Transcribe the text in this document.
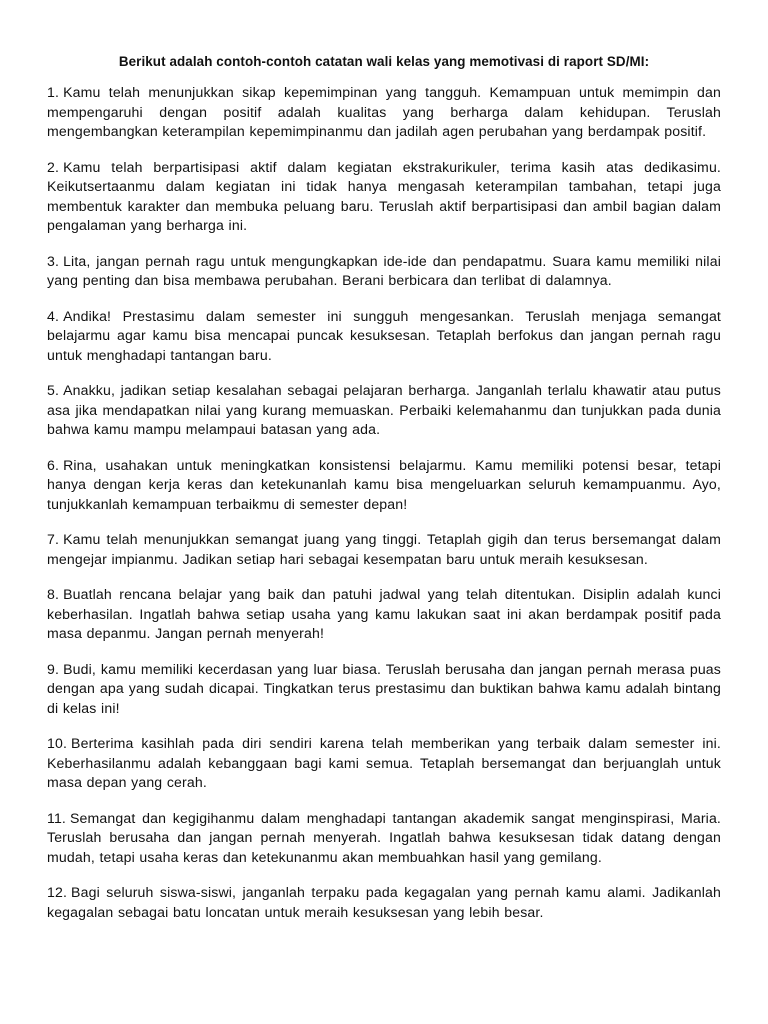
Berikut adalah contoh-contoh catatan wali kelas yang memotivasi di raport SD/MI:
1. Kamu telah menunjukkan sikap kepemimpinan yang tangguh. Kemampuan untuk memimpin dan mempengaruhi dengan positif adalah kualitas yang berharga dalam kehidupan. Teruslah mengembangkan keterampilan kepemimpinanmu dan jadilah agen perubahan yang berdampak positif.
2. Kamu telah berpartisipasi aktif dalam kegiatan ekstrakurikuler, terima kasih atas dedikasimu. Keikutsertaanmu dalam kegiatan ini tidak hanya mengasah keterampilan tambahan, tetapi juga membentuk karakter dan membuka peluang baru. Teruslah aktif berpartisipasi dan ambil bagian dalam pengalaman yang berharga ini.
3. Lita, jangan pernah ragu untuk mengungkapkan ide-ide dan pendapatmu. Suara kamu memiliki nilai yang penting dan bisa membawa perubahan. Berani berbicara dan terlibat di dalamnya.
4. Andika! Prestasimu dalam semester ini sungguh mengesankan. Teruslah menjaga semangat belajarmu agar kamu bisa mencapai puncak kesuksesan. Tetaplah berfokus dan jangan pernah ragu untuk menghadapi tantangan baru.
5. Anakku, jadikan setiap kesalahan sebagai pelajaran berharga. Janganlah terlalu khawatir atau putus asa jika mendapatkan nilai yang kurang memuaskan. Perbaiki kelemahanmu dan tunjukkan pada dunia bahwa kamu mampu melampaui batasan yang ada.
6. Rina, usahakan untuk meningkatkan konsistensi belajarmu. Kamu memiliki potensi besar, tetapi hanya dengan kerja keras dan ketekunanlah kamu bisa mengeluarkan seluruh kemampuanmu. Ayo, tunjukkanlah kemampuan terbaikmu di semester depan!
7. Kamu telah menunjukkan semangat juang yang tinggi. Tetaplah gigih dan terus bersemangat dalam mengejar impianmu. Jadikan setiap hari sebagai kesempatan baru untuk meraih kesuksesan.
8. Buatlah rencana belajar yang baik dan patuhi jadwal yang telah ditentukan. Disiplin adalah kunci keberhasilan. Ingatlah bahwa setiap usaha yang kamu lakukan saat ini akan berdampak positif pada masa depanmu. Jangan pernah menyerah!
9. Budi, kamu memiliki kecerdasan yang luar biasa. Teruslah berusaha dan jangan pernah merasa puas dengan apa yang sudah dicapai. Tingkatkan terus prestasimu dan buktikan bahwa kamu adalah bintang di kelas ini!
10. Berterima kasihlah pada diri sendiri karena telah memberikan yang terbaik dalam semester ini. Keberhasilanmu adalah kebanggaan bagi kami semua. Tetaplah bersemangat dan berjuanglah untuk masa depan yang cerah.
11. Semangat dan kegigihanmu dalam menghadapi tantangan akademik sangat menginspirasi, Maria. Teruslah berusaha dan jangan pernah menyerah. Ingatlah bahwa kesuksesan tidak datang dengan mudah, tetapi usaha keras dan ketekunanmu akan membuahkan hasil yang gemilang.
12. Bagi seluruh siswa-siswi, janganlah terpaku pada kegagalan yang pernah kamu alami. Jadikanlah kegagalan sebagai batu loncatan untuk meraih kesuksesan yang lebih besar.
